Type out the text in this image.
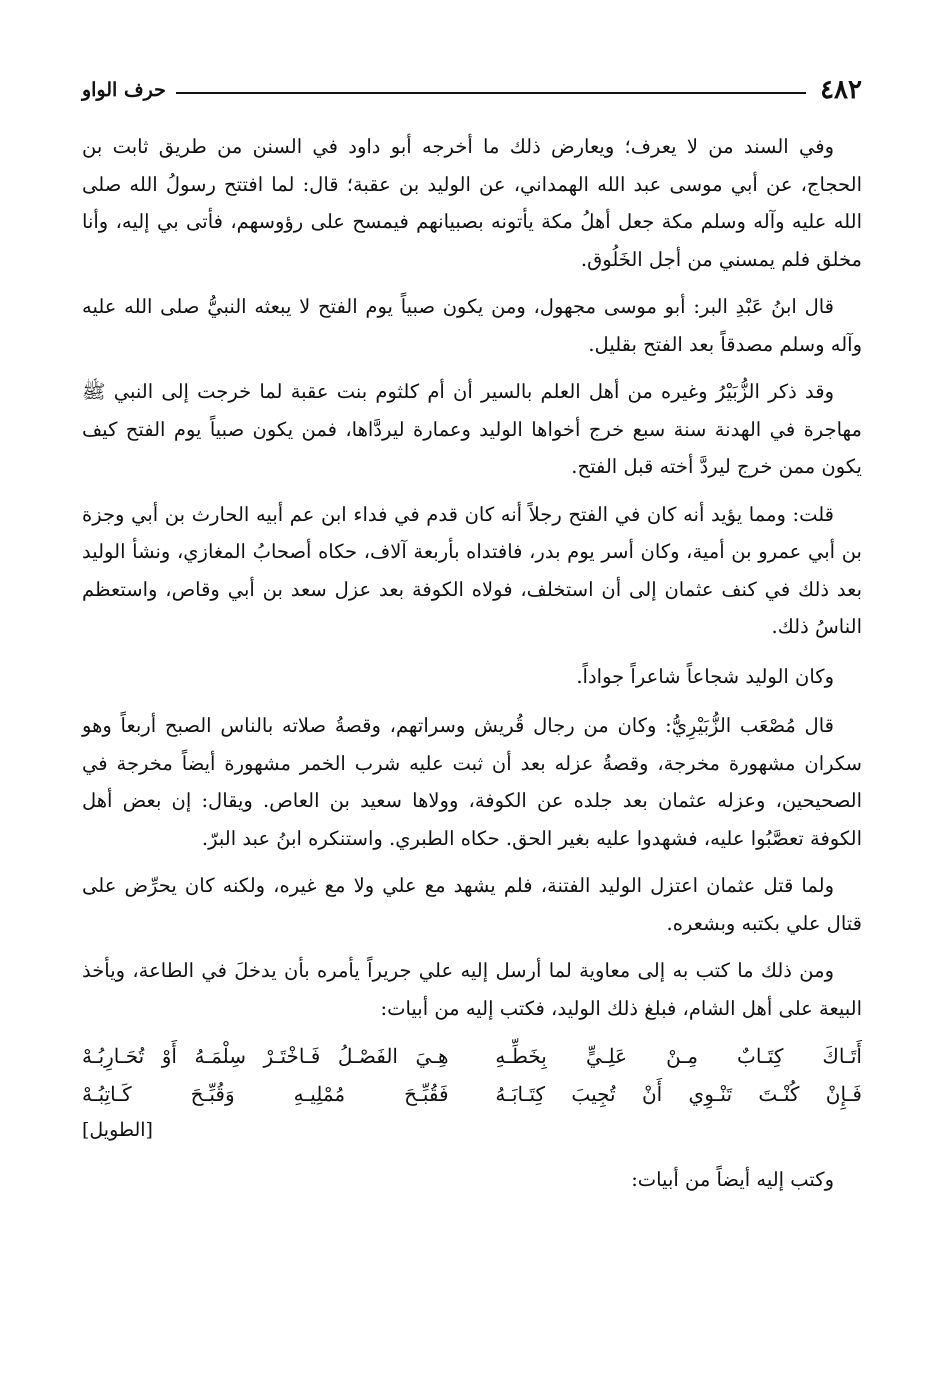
٤٨٢
حرف الواو

وفي السند من لا يعرف؛ ويعارض ذلك ما أخرجه أبو داود في السنن من طريق ثابت بن الحجاج، عن أبي موسى عبد الله الهمداني، عن الوليد بن عقبة؛ قال: لما افتتح رسولُ الله صلى الله عليه وآله وسلم مكة جعل أهلُ مكة يأتونه بصبيانهم فيمسح على رؤوسهم، فأتى بي إليه، وأنا مخلق فلم يمسني من أجل الخَلُوق.

قال ابنُ عَبْدِ البر: أبو موسى مجهول، ومن يكون صبياً يوم الفتح لا يبعثه النبيُّ صلى الله عليه وآله وسلم مصدقاً بعد الفتح بقليل.

وقد ذكر الزُّبَيْرُ وغيره من أهل العلم بالسير أن أم كلثوم بنت عقبة لما خرجت إلى النبي ﷺ مهاجرة في الهدنة سنة سبع خرج أخواها الوليد وعمارة ليردَّاها، فمن يكون صبياً يوم الفتح كيف يكون ممن خرج ليردَّ أخته قبل الفتح.

قلت: ومما يؤيد أنه كان في الفتح رجلاً أنه كان قدم في فداء ابن عم أبيه الحارث بن أبي وجزة بن أبي عمرو بن أمية، وكان أسر يوم بدر، فافتداه بأربعة آلاف، حكاه أصحابُ المغازي، ونشأ الوليد بعد ذلك في كنف عثمان إلى أن استخلف، فولاه الكوفة بعد عزل سعد بن أبي وقاص، واستعظم الناسُ ذلك.

وكان الوليد شجاعاً شاعراً جواداً.

قال مُصْعَب الزُّبَيْرِيُّ: وكان من رجال قُريش وسراتهم، وقصةُ صلاته بالناس الصبح أربعاً وهو سكران مشهورة مخرجة، وقصةُ عزله بعد أن ثبت عليه شرب الخمر مشهورة أيضاً مخرجة في الصحيحين، وعزله عثمان بعد جلده عن الكوفة، وولاها سعيد بن العاص. ويقال: إن بعض أهل الكوفة تعصَّبُوا عليه، فشهدوا عليه بغير الحق. حكاه الطبري. واستنكره ابنُ عبد البرّ.

ولما قتل عثمان اعتزل الوليد الفتنة، فلم يشهد مع علي ولا مع غيره، ولكنه كان يحرِّض على قتال علي بكتبه وبشعره.

ومن ذلك ما كتب به إلى معاوية لما أرسل إليه علي جريراً يأمره بأن يدخلَ في الطاعة، ويأخذ البيعة على أهل الشام، فبلغ ذلك الوليد، فكتب إليه من أبيات:

أَتَـاكَ كِتَـابٌ مِـنْ عَلِـيٍّ بِخَطِّـهِ
هِـيَ الفَصْـلُ فَـاخْتَـرْ سِلْمَـهُ أَوْ تُحَـارِبُـهْ
فَـإِنْ كُنْـتَ تَنْـوِي أَنْ تُجِيبَ كِتَـابَـهُ
فَقُبِّـحَ مُمْلِيـهِ وَقُبِّـحَ كَـاتِبُـهْ
[الطويل]

وكتب إليه أيضاً من أبيات:
